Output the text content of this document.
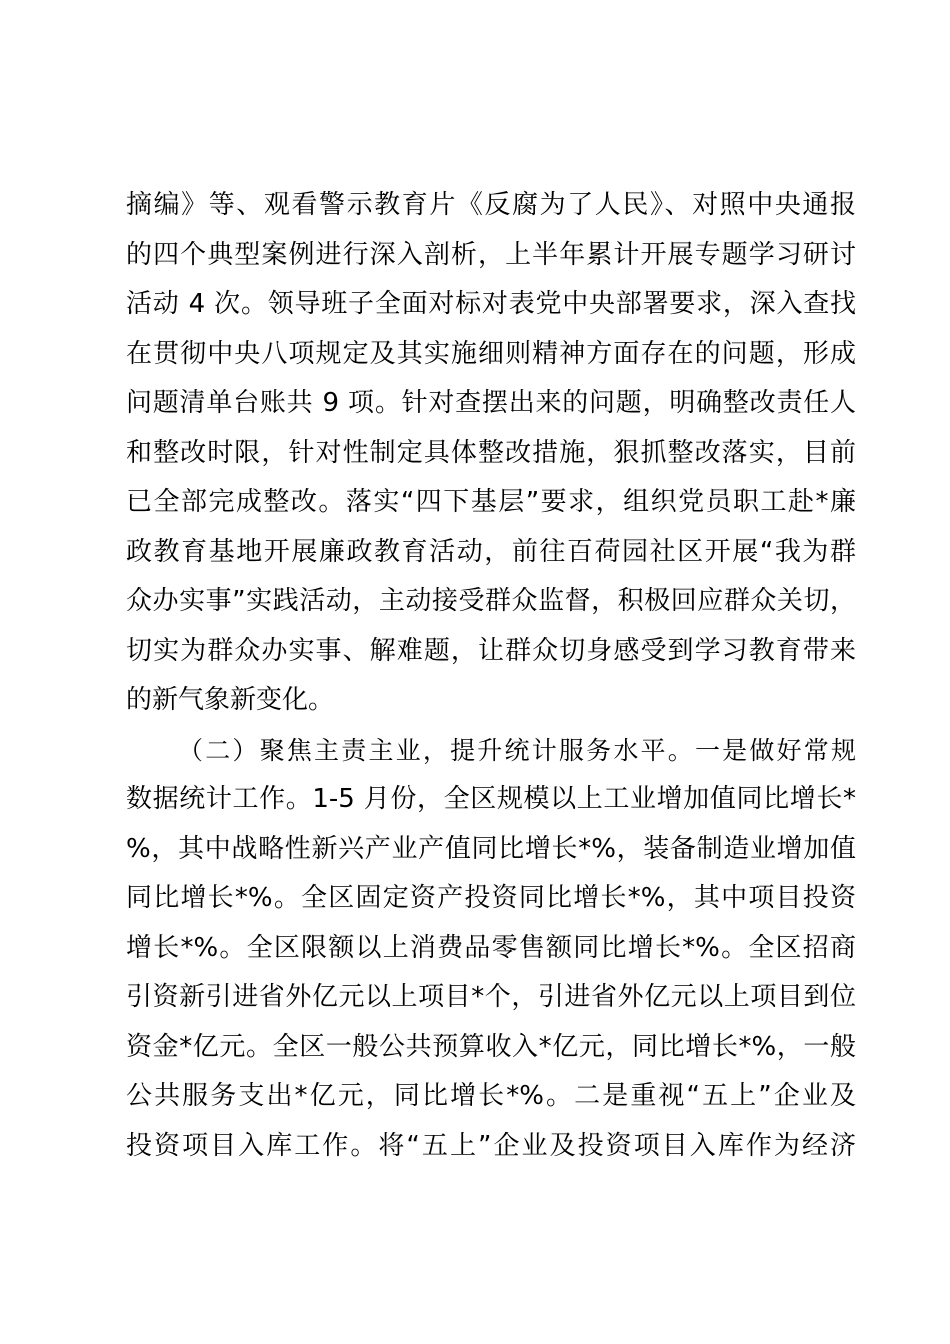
摘编》等、观看警示教育片《反腐为了人民》、对照中央通报
的四个典型案例进行深入剖析，上半年累计开展专题学习研讨
活动 4 次。领导班子全面对标对表党中央部署要求，深入查找
在贯彻中央八项规定及其实施细则精神方面存在的问题，形成
问题清单台账共 9 项。针对查摆出来的问题，明确整改责任人
和整改时限，针对性制定具体整改措施，狠抓整改落实，目前
已全部完成整改。落实“四下基层”要求，组织党员职工赴*廉
政教育基地开展廉政教育活动，前往百荷园社区开展“我为群
众办实事”实践活动，主动接受群众监督，积极回应群众关切，
切实为群众办实事、解难题，让群众切身感受到学习教育带来
的新气象新变化。
（二）聚焦主责主业，提升统计服务水平。一是做好常规
数据统计工作。1-5 月份，全区规模以上工业增加值同比增长*
%，其中战略性新兴产业产值同比增长*%，装备制造业增加值
同比增长*%。全区固定资产投资同比增长*%，其中项目投资
增长*%。全区限额以上消费品零售额同比增长*%。全区招商
引资新引进省外亿元以上项目*个，引进省外亿元以上项目到位
资金*亿元。全区一般公共预算收入*亿元，同比增长*%，一般
公共服务支出*亿元，同比增长*%。二是重视“五上”企业及
投资项目入库工作。将“五上”企业及投资项目入库作为经济
